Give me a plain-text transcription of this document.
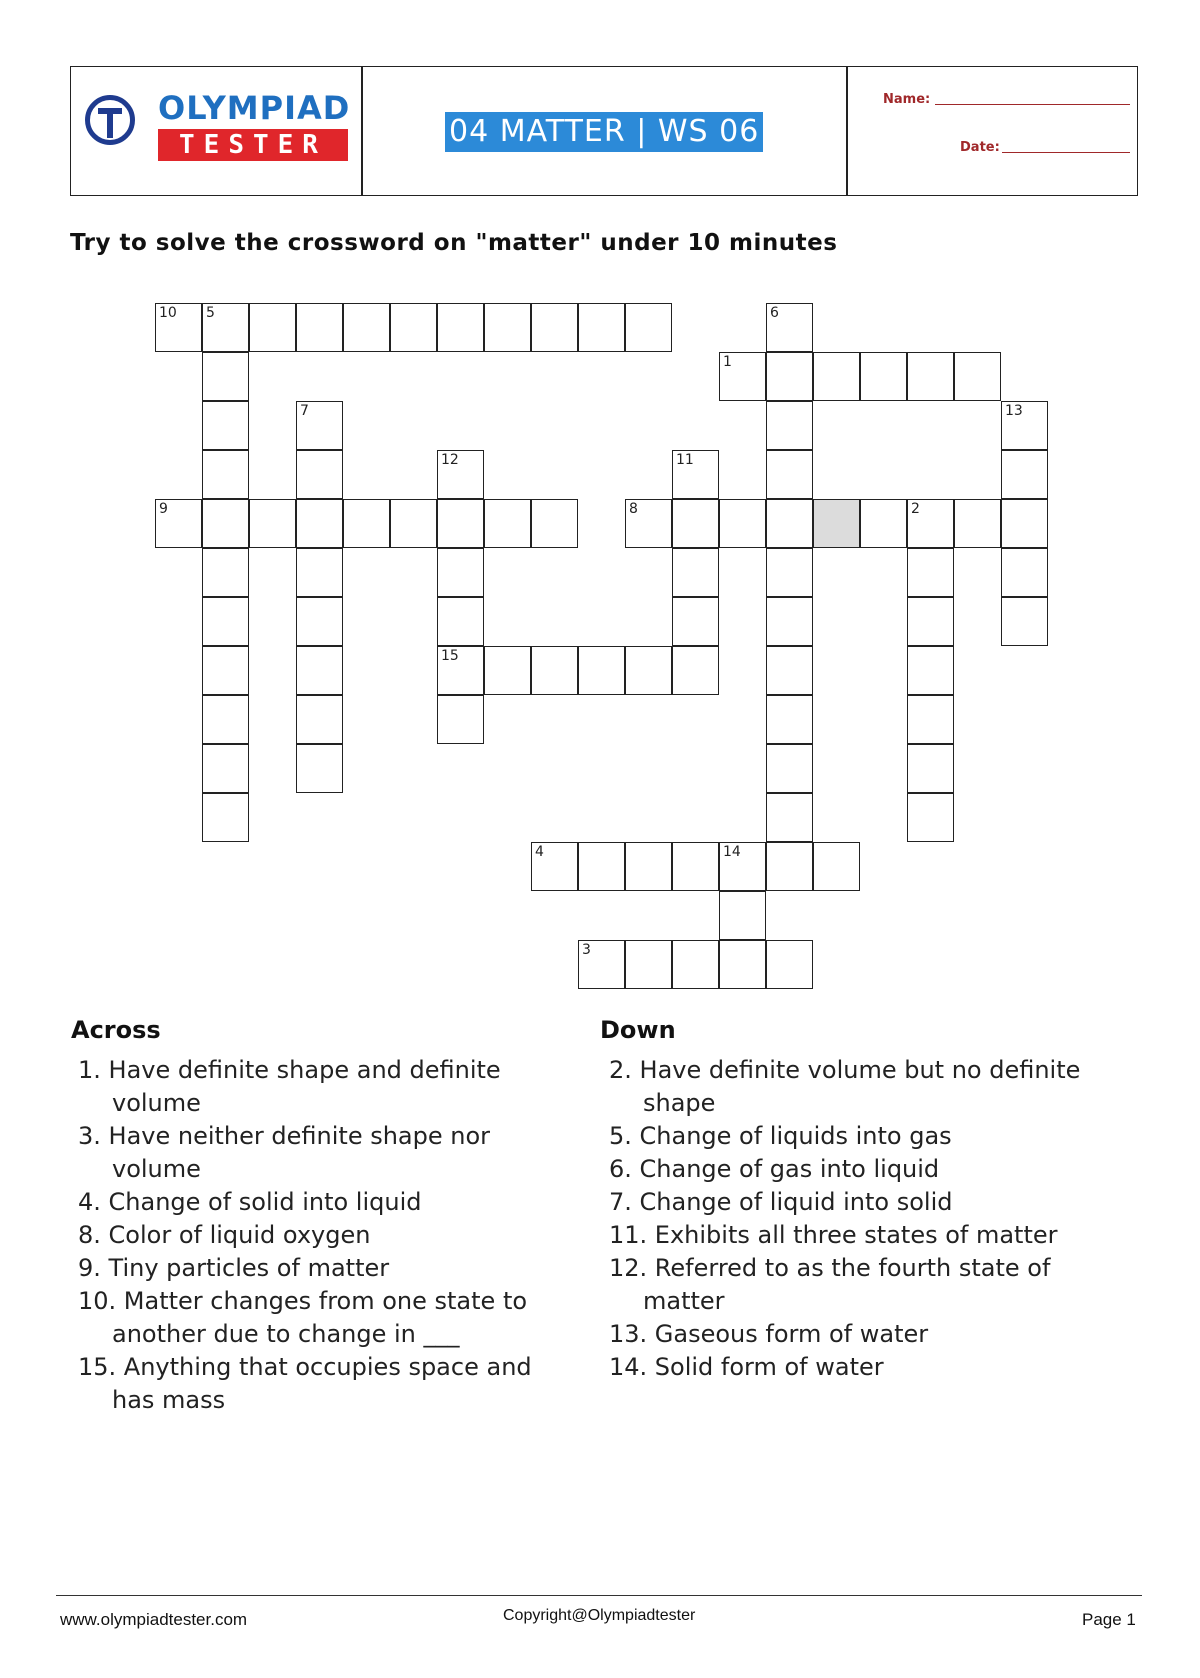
OLYMPIAD
TESTER	04 MATTER | WS 06
Name:
Date:
Try to solve the crossword on "matter" under 10 minutes
10 5	6
1
7	13
12
15
11
9	8	2
4	14
3
Across
1. Have definite shape and definite volume
3. Have neither definite shape nor volume
4. Change of solid into liquid
8. Color of liquid oxygen
9. Tiny particles of matter
10. Matter changes from one state to another due to change in ___
15. Anything that occupies space and has mass
Down
2. Have definite volume but no definite shape
5. Change of liquids into gas
6. Change of gas into liquid
7. Change of liquid into solid
11. Exhibits all three states of matter
12. Referred to as the fourth state of matter
13. Gaseous form of water
14. Solid form of water
www.olympiadtester.com	Copyright@Olympiadtester	Page 1
